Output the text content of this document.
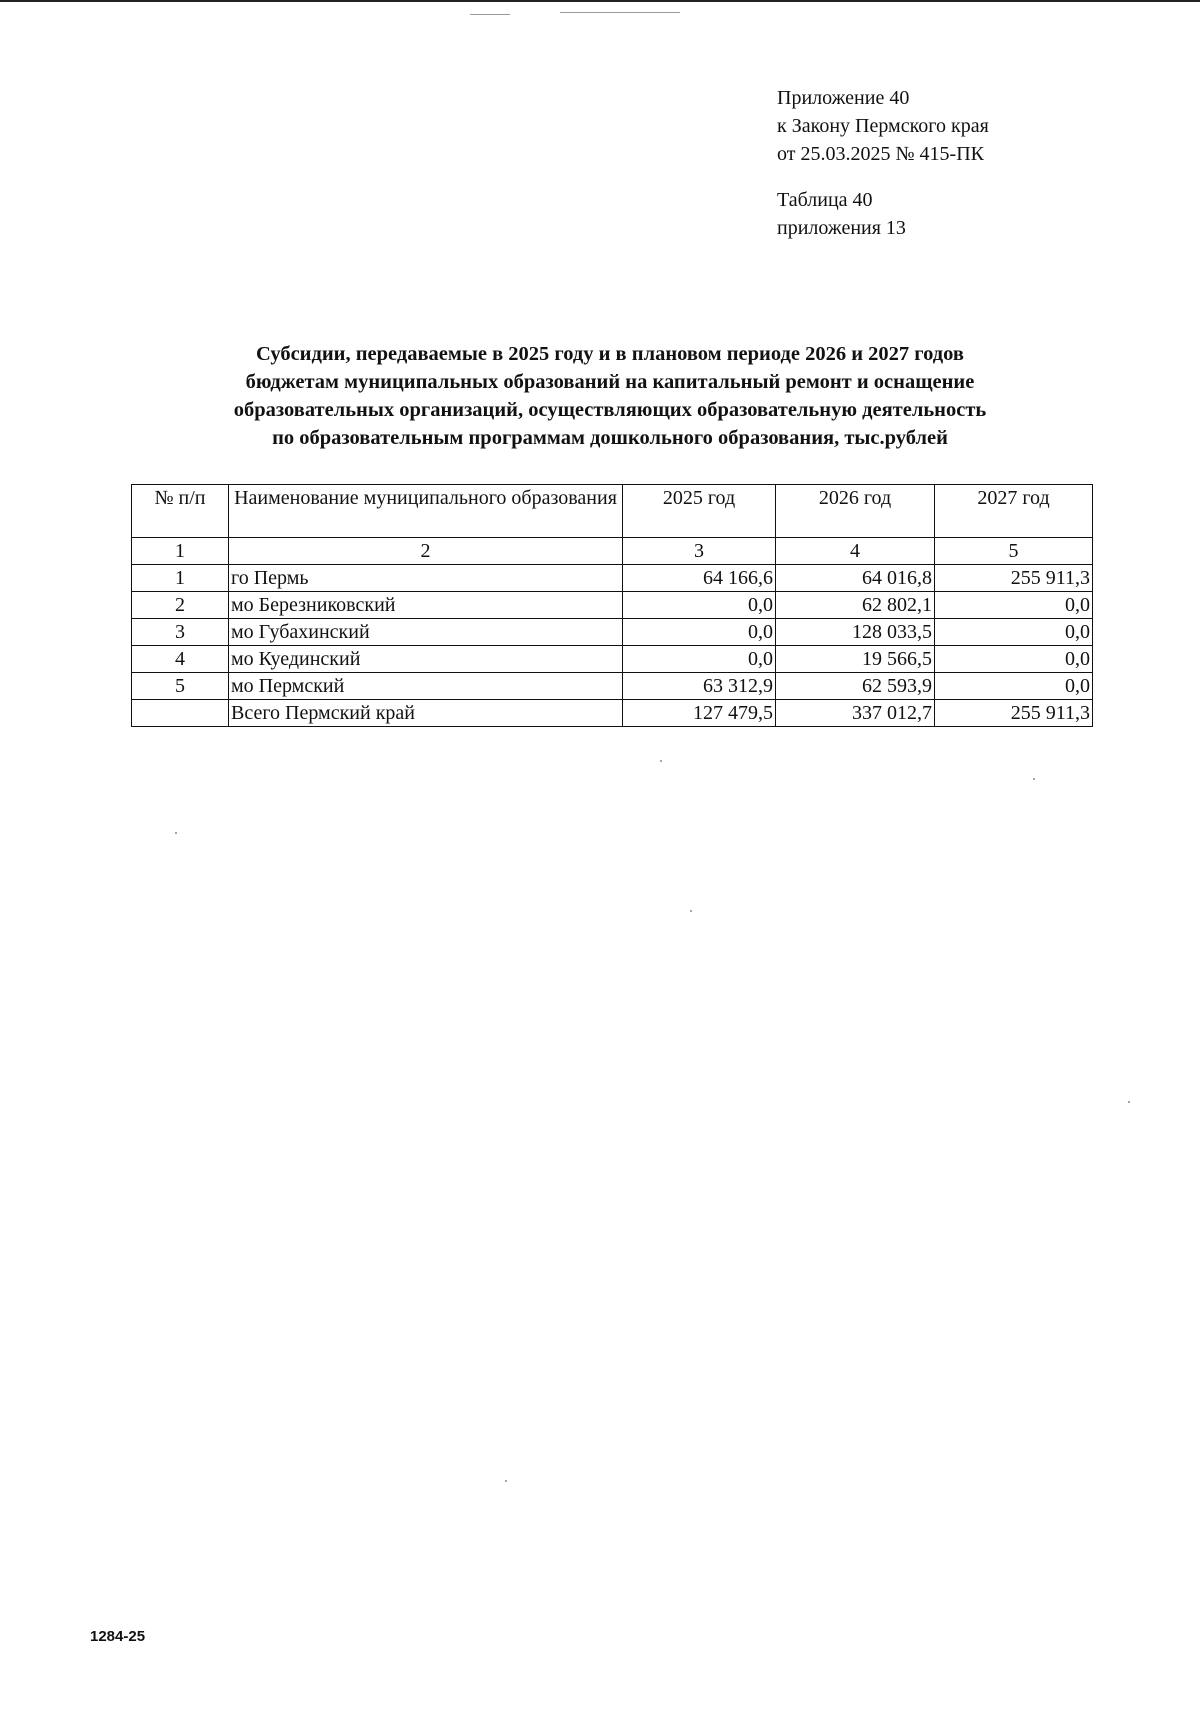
Приложение 40
к Закону Пермского края
от 25.03.2025 № 415-ПК
Таблица 40
приложения 13
Субсидии, передаваемые в 2025 году и в плановом периоде 2026 и 2027 годов
бюджетам муниципальных образований на капитальный ремонт и оснащение
образовательных организаций, осуществляющих образовательную деятельность
по образовательным программам дошкольного образования, тыс.рублей
№ п/п	Наименование муниципального образования	2025 год	2026 год	2027 год
1	2	3	4	5
1	го Пермь	64 166,6	64 016,8	255 911,3
2	мо Березниковский	0,0	62 802,1	0,0
3	мо Губахинский	0,0	128 033,5	0,0
4	мо Куединский	0,0	19 566,5	0,0
5	мо Пермский	63 312,9	62 593,9	0,0
	Всего Пермский край	127 479,5	337 012,7	255 911,3
1284-25
